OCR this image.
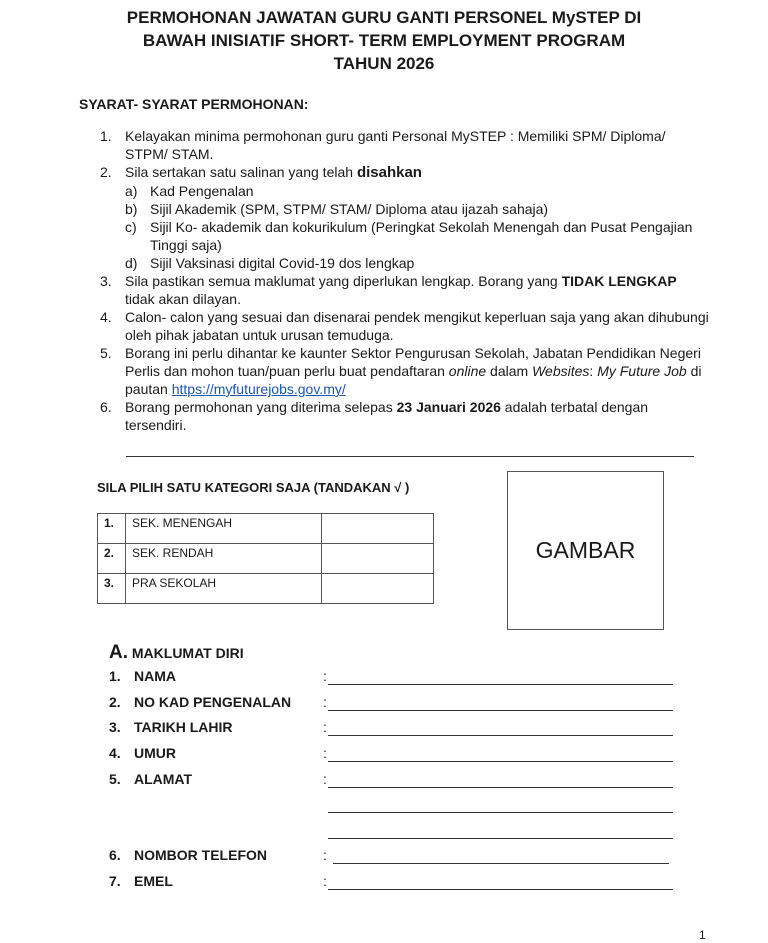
PERMOHONAN JAWATAN GURU GANTI PERSONEL MySTEP DI
BAWAH INISIATIF SHORT- TERM EMPLOYMENT PROGRAM
TAHUN 2026
SYARAT- SYARAT PERMOHONAN:
1. Kelayakan minima permohonan guru ganti Personal MySTEP : Memiliki SPM/ Diploma/ STPM/ STAM.
2. Sila sertakan satu salinan yang telah disahkan
a) Kad Pengenalan
b) Sijil Akademik (SPM, STPM/ STAM/ Diploma atau ijazah sahaja)
c) Sijil Ko- akademik dan kokurikulum (Peringkat Sekolah Menengah dan Pusat Pengajian Tinggi saja)
d) Sijil Vaksinasi digital Covid-19 dos lengkap
3. Sila pastikan semua maklumat yang diperlukan lengkap. Borang yang TIDAK LENGKAP tidak akan dilayan.
4. Calon- calon yang sesuai dan disenarai pendek mengikut keperluan saja yang akan dihubungi oleh pihak jabatan untuk urusan temuduga.
5. Borang ini perlu dihantar ke kaunter Sektor Pengurusan Sekolah, Jabatan Pendidikan Negeri Perlis dan mohon tuan/puan perlu buat pendaftaran online dalam Websites: My Future Job di pautan https://myfuturejobs.gov.my/
6. Borang permohonan yang diterima selepas 23 Januari 2026 adalah terbatal dengan tersendiri.
SILA PILIH SATU KATEGORI SAJA (TANDAKAN √ )
1.	SEK. MENENGAH	
2.	SEK. RENDAH	
3.	PRA SEKOLAH	
GAMBAR
A. MAKLUMAT DIRI
1. NAMA	:
2. NO KAD PENGENALAN :
3. TARIKH LAHIR	:
4. UMUR	:
5. ALAMAT	:
6. NOMBOR TELEFON	:
7. EMEL	:
1
